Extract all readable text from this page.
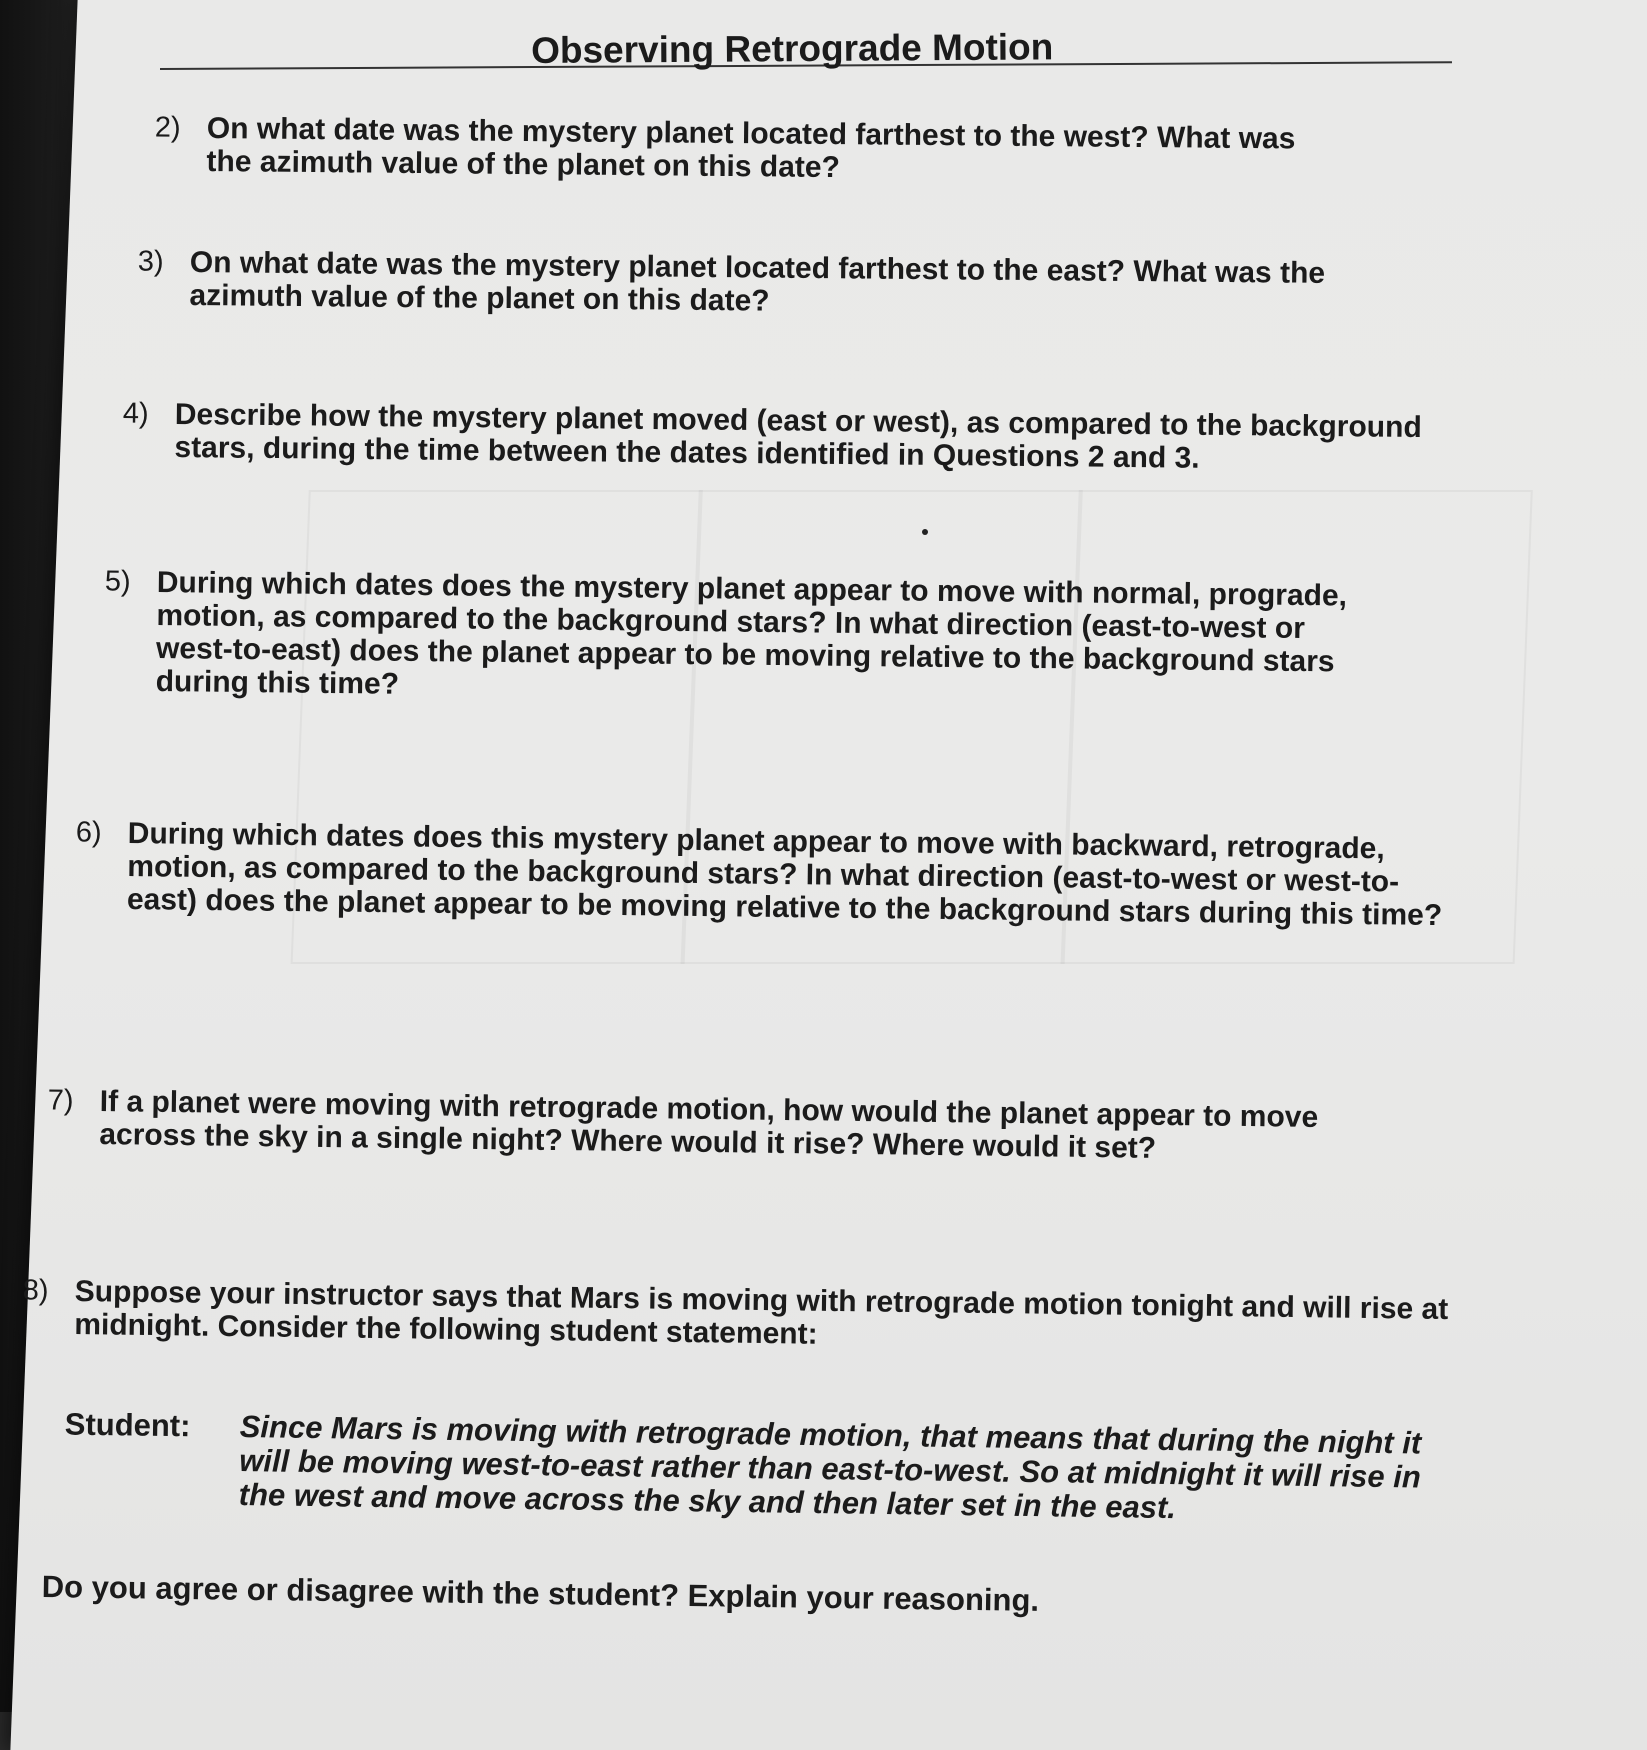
Observing Retrograde Motion
2) On what date was the mystery planet located farthest to the west? What was the azimuth value of the planet on this date?
3) On what date was the mystery planet located farthest to the east? What was the azimuth value of the planet on this date?
4) Describe how the mystery planet moved (east or west), as compared to the background stars, during the time between the dates identified in Questions 2 and 3.
5) During which dates does the mystery planet appear to move with normal, prograde, motion, as compared to the background stars? In what direction (east-to-west or west-to-east) does the planet appear to be moving relative to the background stars during this time?
6) During which dates does this mystery planet appear to move with backward, retrograde, motion, as compared to the background stars? In what direction (east-to-west or west-to-east) does the planet appear to be moving relative to the background stars during this time?
7) If a planet were moving with retrograde motion, how would the planet appear to move across the sky in a single night? Where would it rise? Where would it set?
8) Suppose your instructor says that Mars is moving with retrograde motion tonight and will rise at midnight. Consider the following student statement:
Student: Since Mars is moving with retrograde motion, that means that during the night it will be moving west-to-east rather than east-to-west. So at midnight it will rise in the west and move across the sky and then later set in the east.
Do you agree or disagree with the student? Explain your reasoning.
